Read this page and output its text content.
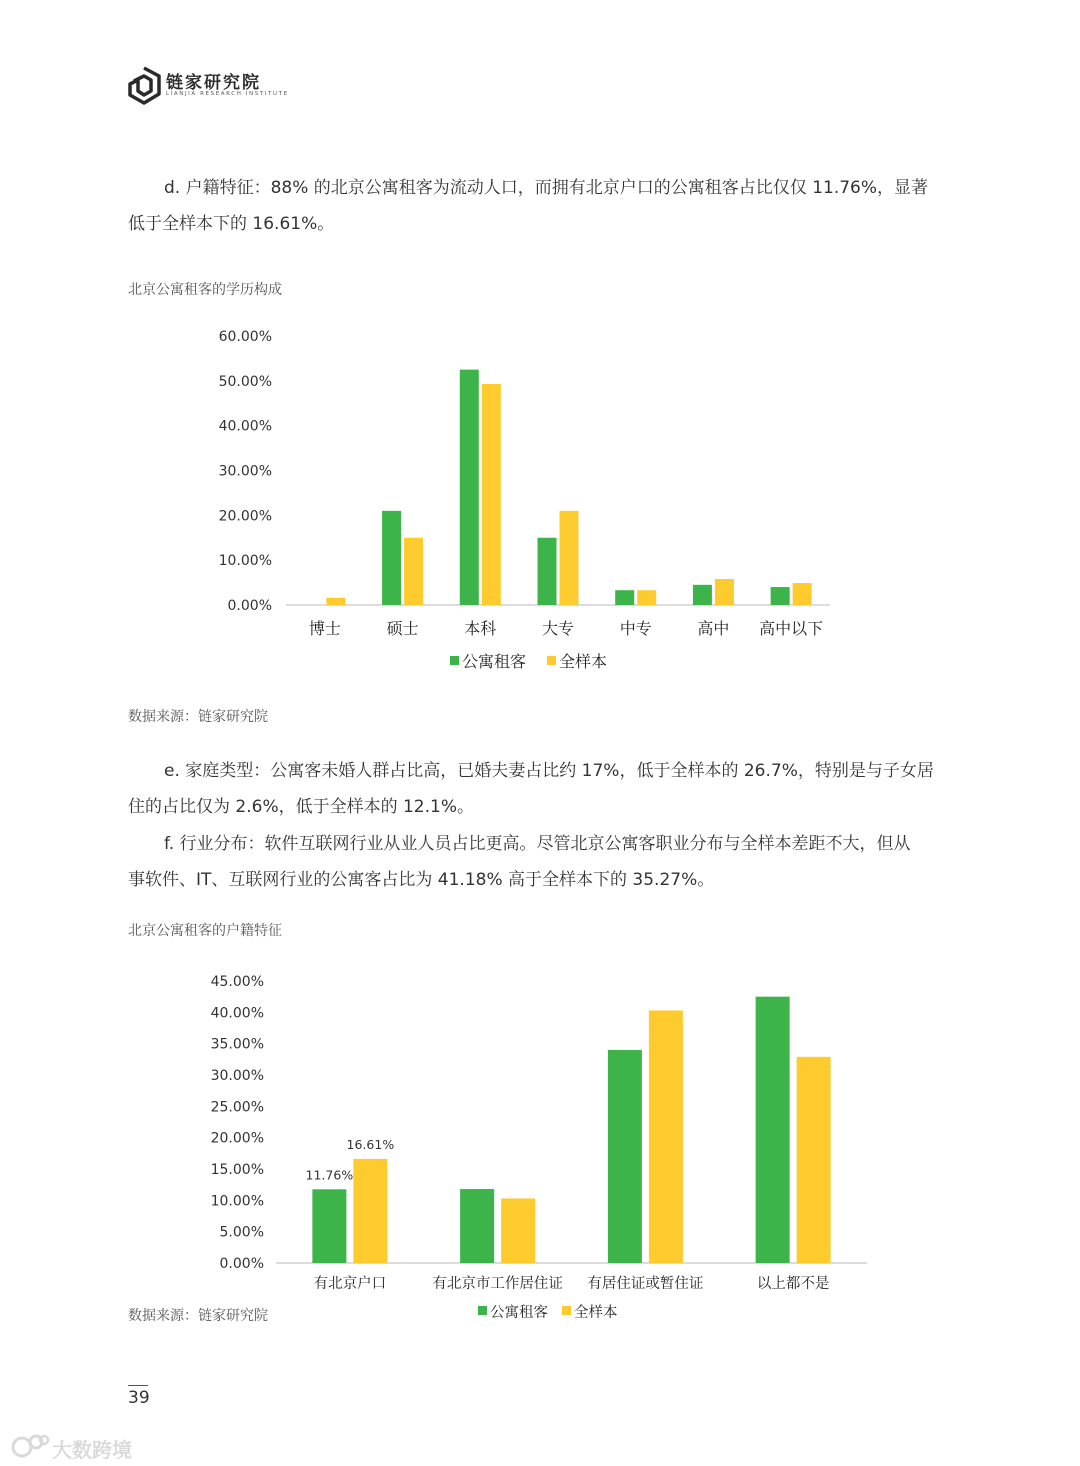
链家研究院
LIANJIA RESEARCH INSTITUTE

d. 户籍特征：88% 的北京公寓租客为流动人口，而拥有北京户口的公寓租客占比仅仅 11.76%，显著

低于全样本下的 16.61%。

北京公寓租客的学历构成
0.00%
10.00%
20.00%
30.00%
40.00%
50.00%
60.00%
博士	硕士	本科	大专	中专	高中 高中以下
公寓租客 全样本
数据来源：链家研究院

e. 家庭类型：公寓客未婚人群占比高，已婚夫妻占比约 17%，低于全样本的 26.7%，特别是与子女居

住的占比仅为 2.6%，低于全样本的 12.1%。

f. 行业分布：软件互联网行业从业人员占比更高。尽管北京公寓客职业分布与全样本差距不大，但从

事软件、IT、互联网行业的公寓客占比为 41.18% 高于全样本下的 35.27%。

北京公寓租客的户籍特征
0.00%
5.00%
10.00%
15.00%
20.00%
25.00%
30.00%
35.00%
40.00%
45.00%
11.76%
16.61%
有北京户口	有北京市工作居住证 有居住证或暂住证	以上都不是
公寓租客 全样本
数据来源：链家研究院
39
大数跨境
